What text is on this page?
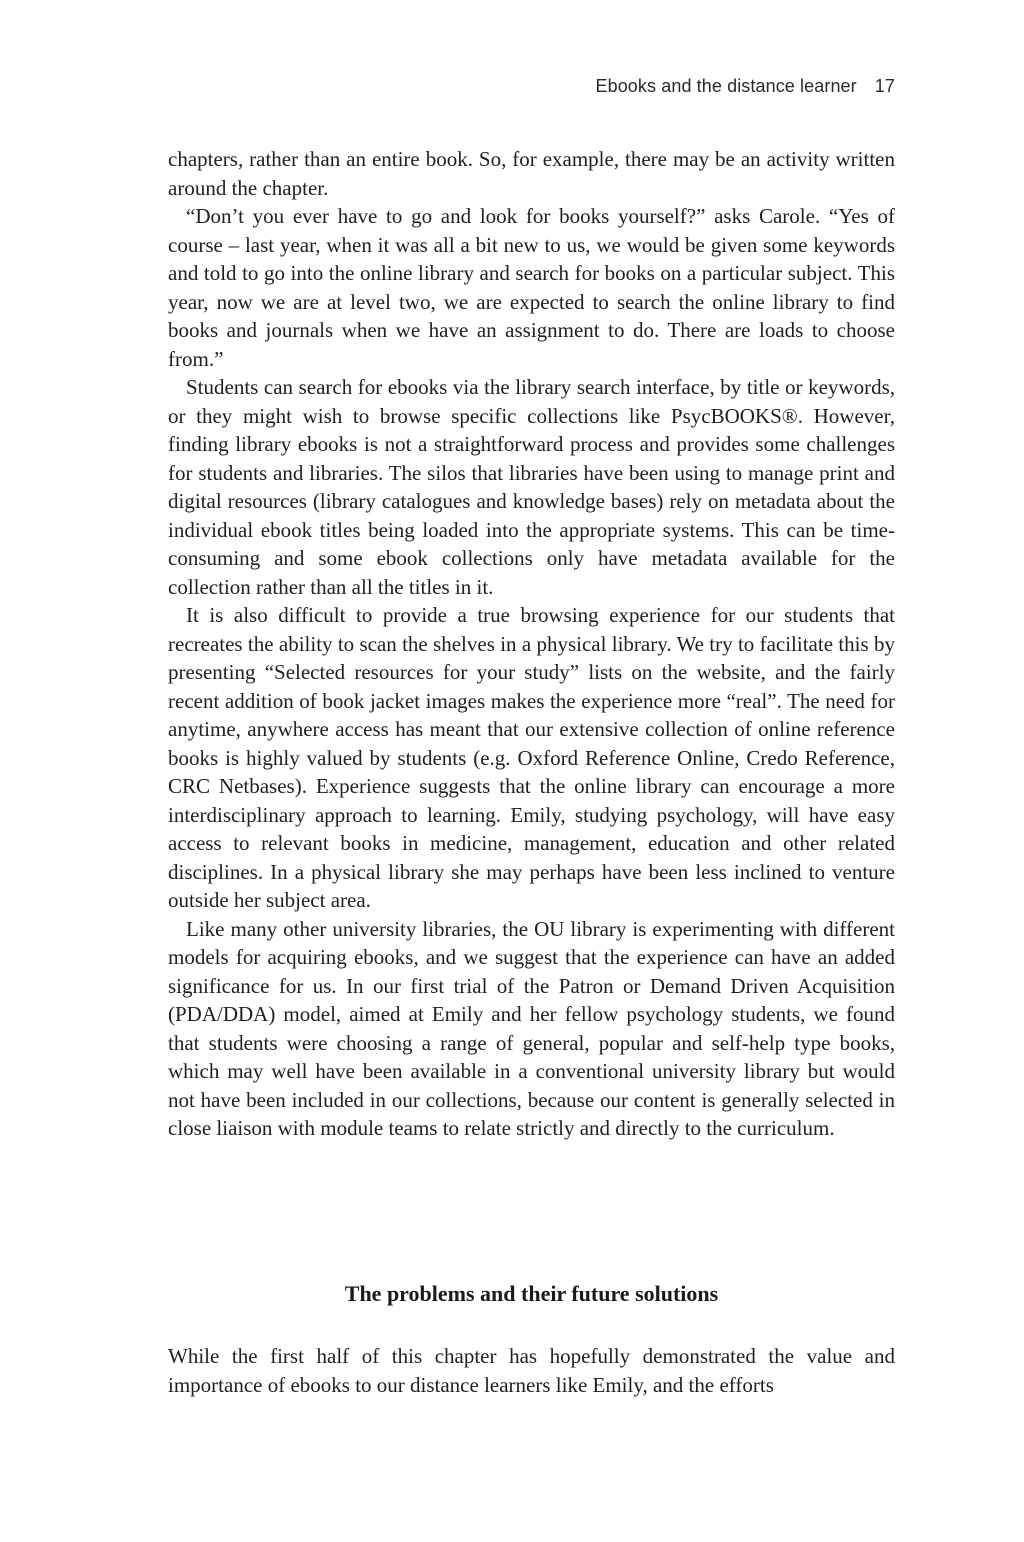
Ebooks and the distance learner 17

chapters, rather than an entire book. So, for example, there may be an activity written around the chapter.

“Don’t you ever have to go and look for books yourself?” asks Carole. “Yes of course – last year, when it was all a bit new to us, we would be given some keywords and told to go into the online library and search for books on a particular subject. This year, now we are at level two, we are expected to search the online library to find books and journals when we have an assignment to do. There are loads to choose from.”

Students can search for ebooks via the library search interface, by title or keywords, or they might wish to browse specific collections like PsycBOOKS®. However, finding library ebooks is not a straightforward process and provides some challenges for students and libraries. The silos that libraries have been using to manage print and digital resources (library catalogues and knowledge bases) rely on metadata about the individual ebook titles being loaded into the appropriate systems. This can be time-consuming and some ebook collections only have metadata available for the collection rather than all the titles in it.

It is also difficult to provide a true browsing experience for our students that recreates the ability to scan the shelves in a physical library. We try to facilitate this by presenting “Selected resources for your study” lists on the website, and the fairly recent addition of book jacket images makes the experience more “real”. The need for anytime, anywhere access has meant that our extensive collection of online reference books is highly valued by students (e.g. Oxford Reference Online, Credo Reference, CRC Netbases). Experience suggests that the online library can encourage a more interdisciplinary approach to learning. Emily, studying psychology, will have easy access to relevant books in medicine, management, education and other related disciplines. In a physical library she may perhaps have been less inclined to venture outside her subject area.

Like many other university libraries, the OU library is experimenting with different models for acquiring ebooks, and we suggest that the experience can have an added significance for us. In our first trial of the Patron or Demand Driven Acquisition (PDA/DDA) model, aimed at Emily and her fellow psychology students, we found that students were choosing a range of general, popular and self-help type books, which may well have been available in a conventional university library but would not have been included in our collections, because our content is generally selected in close liaison with module teams to relate strictly and directly to the curriculum.

The problems and their future solutions

While the first half of this chapter has hopefully demonstrated the value and importance of ebooks to our distance learners like Emily, and the efforts
